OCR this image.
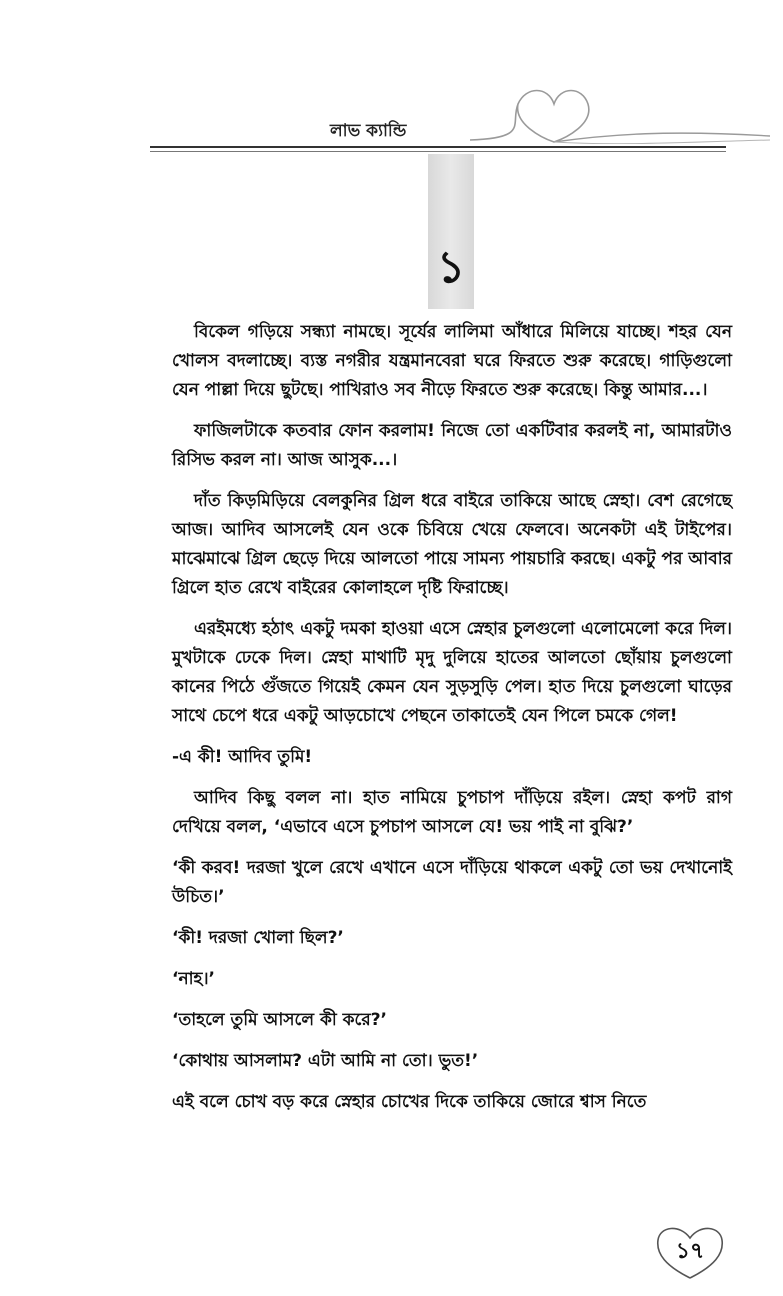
লাভ ক্যান্ডি
১

বিকেল গড়িয়ে সন্ধ্যা নামছে। সূর্যের লালিমা আঁধারে মিলিয়ে যাচ্ছে। শহর যেন খোলস বদলাচ্ছে। ব্যস্ত নগরীর যন্ত্রমানবেরা ঘরে ফিরতে শুরু করেছে। গাড়িগুলো যেন পাল্লা দিয়ে ছুটছে। পাখিরাও সব নীড়ে ফিরতে শুরু করেছে। কিন্তু আমার...।

ফাজিলটাকে কতবার ফোন করলাম! নিজে তো একটিবার করলই না, আমারটাও রিসিভ করল না। আজ আসুক...।

দাঁত কিড়মিড়িয়ে বেলকুনির গ্রিল ধরে বাইরে তাকিয়ে আছে স্নেহা। বেশ রেগেছে আজ। আদিব আসলেই যেন ওকে চিবিয়ে খেয়ে ফেলবে। অনেকটা এই টাইপের। মাঝেমাঝে গ্রিল ছেড়ে দিয়ে আলতো পায়ে সামন্য পায়চারি করছে। একটু পর আবার গ্রিলে হাত রেখে বাইরের কোলাহলে দৃষ্টি ফিরাচ্ছে।

এরইমধ্যে হঠাৎ একটু দমকা হাওয়া এসে স্নেহার চুলগুলো এলোমেলো করে দিল। মুখটাকে ঢেকে দিল। স্নেহা মাথাটি মৃদু দুলিয়ে হাতের আলতো ছোঁয়ায় চুলগুলো কানের পিঠে গুঁজতে গিয়েই কেমন যেন সুড়সুড়ি পেল। হাত দিয়ে চুলগুলো ঘাড়ের সাথে চেপে ধরে একটু আড়চোখে পেছনে তাকাতেই যেন পিলে চমকে গেল!

-এ কী! আদিব তুমি!

আদিব কিছু বলল না। হাত নামিয়ে চুপচাপ দাঁড়িয়ে রইল। স্নেহা কপট রাগ দেখিয়ে বলল, ‘এভাবে এসে চুপচাপ আসলে যে! ভয় পাই না বুঝি?’

‘কী করব! দরজা খুলে রেখে এখানে এসে দাঁড়িয়ে থাকলে একটু তো ভয় দেখানোই উচিত।’

‘কী! দরজা খোলা ছিল?’

‘নাহ।’

‘তাহলে তুমি আসলে কী করে?’

‘কোথায় আসলাম? এটা আমি না তো। ভুত!’

এই বলে চোখ বড় করে স্নেহার চোখের দিকে তাকিয়ে জোরে শ্বাস নিতে

১৭
